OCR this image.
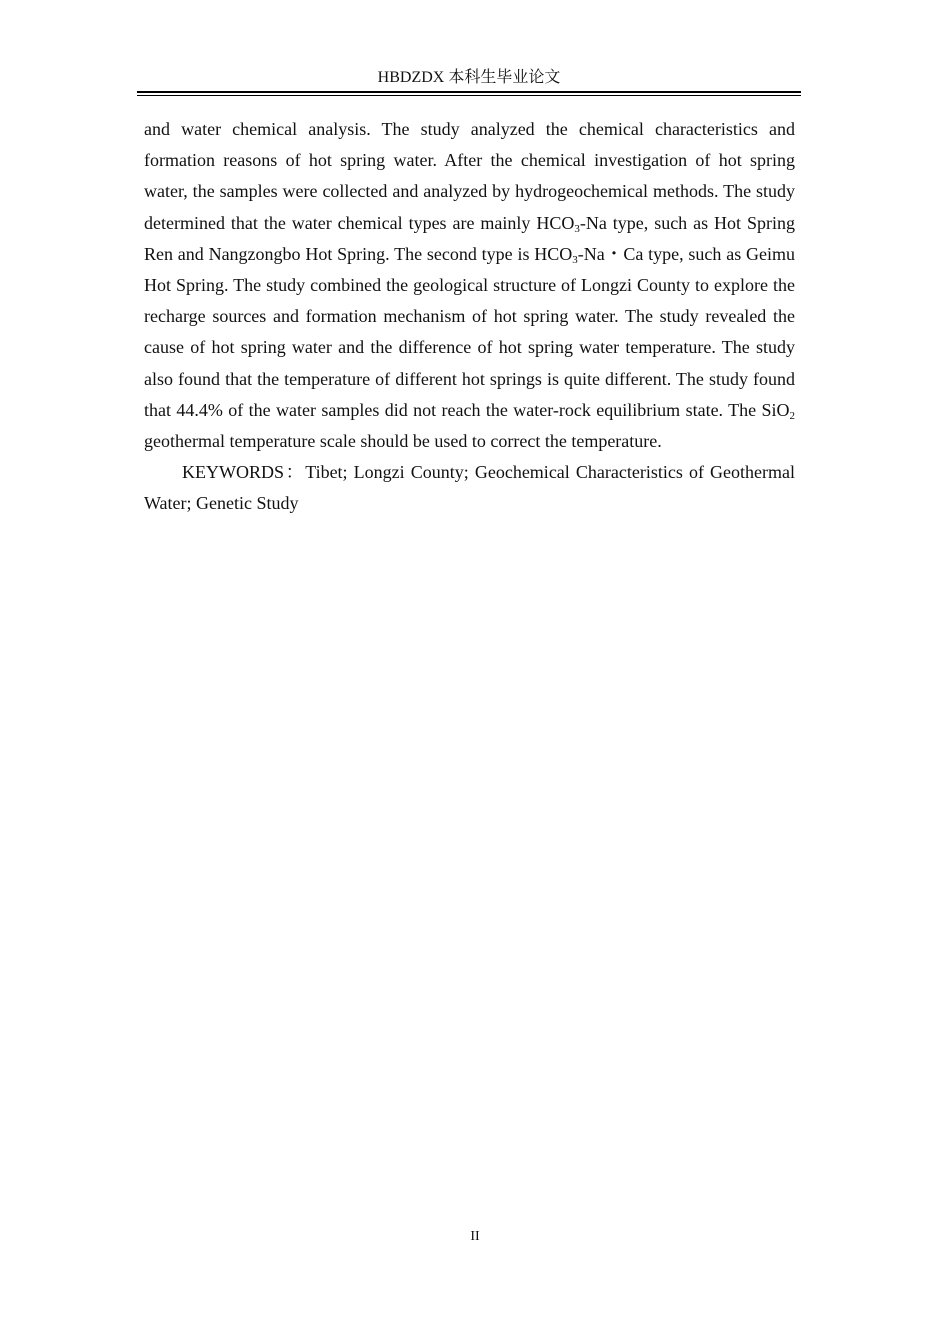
HBDZDX 本科生毕业论文

and water chemical analysis. The study analyzed the chemical characteristics and formation reasons of hot spring water. After the chemical investigation of hot spring water, the samples were collected and analyzed by hydrogeochemical methods. The study determined that the water chemical types are mainly $HCO_3-Na$ type, such as Hot Spring Ren and Nangzongbo Hot Spring. The second type is $HCO_3-Na$・Ca type, such as Geimu Hot Spring. The study combined the geological structure of Longzi County to explore the recharge sources and formation mechanism of hot spring water. The study revealed the cause of hot spring water and the difference of hot spring water temperature. The study also found that the temperature of different hot springs is quite different. The study found that 44.4% of the water samples did not reach the water-rock equilibrium state. The SiO$_2$ geothermal temperature scale should be used to correct the temperature.

KEYWORDS：Tibet; Longzi County; Geochemical Characteristics of Geothermal Water; Genetic Study

II
